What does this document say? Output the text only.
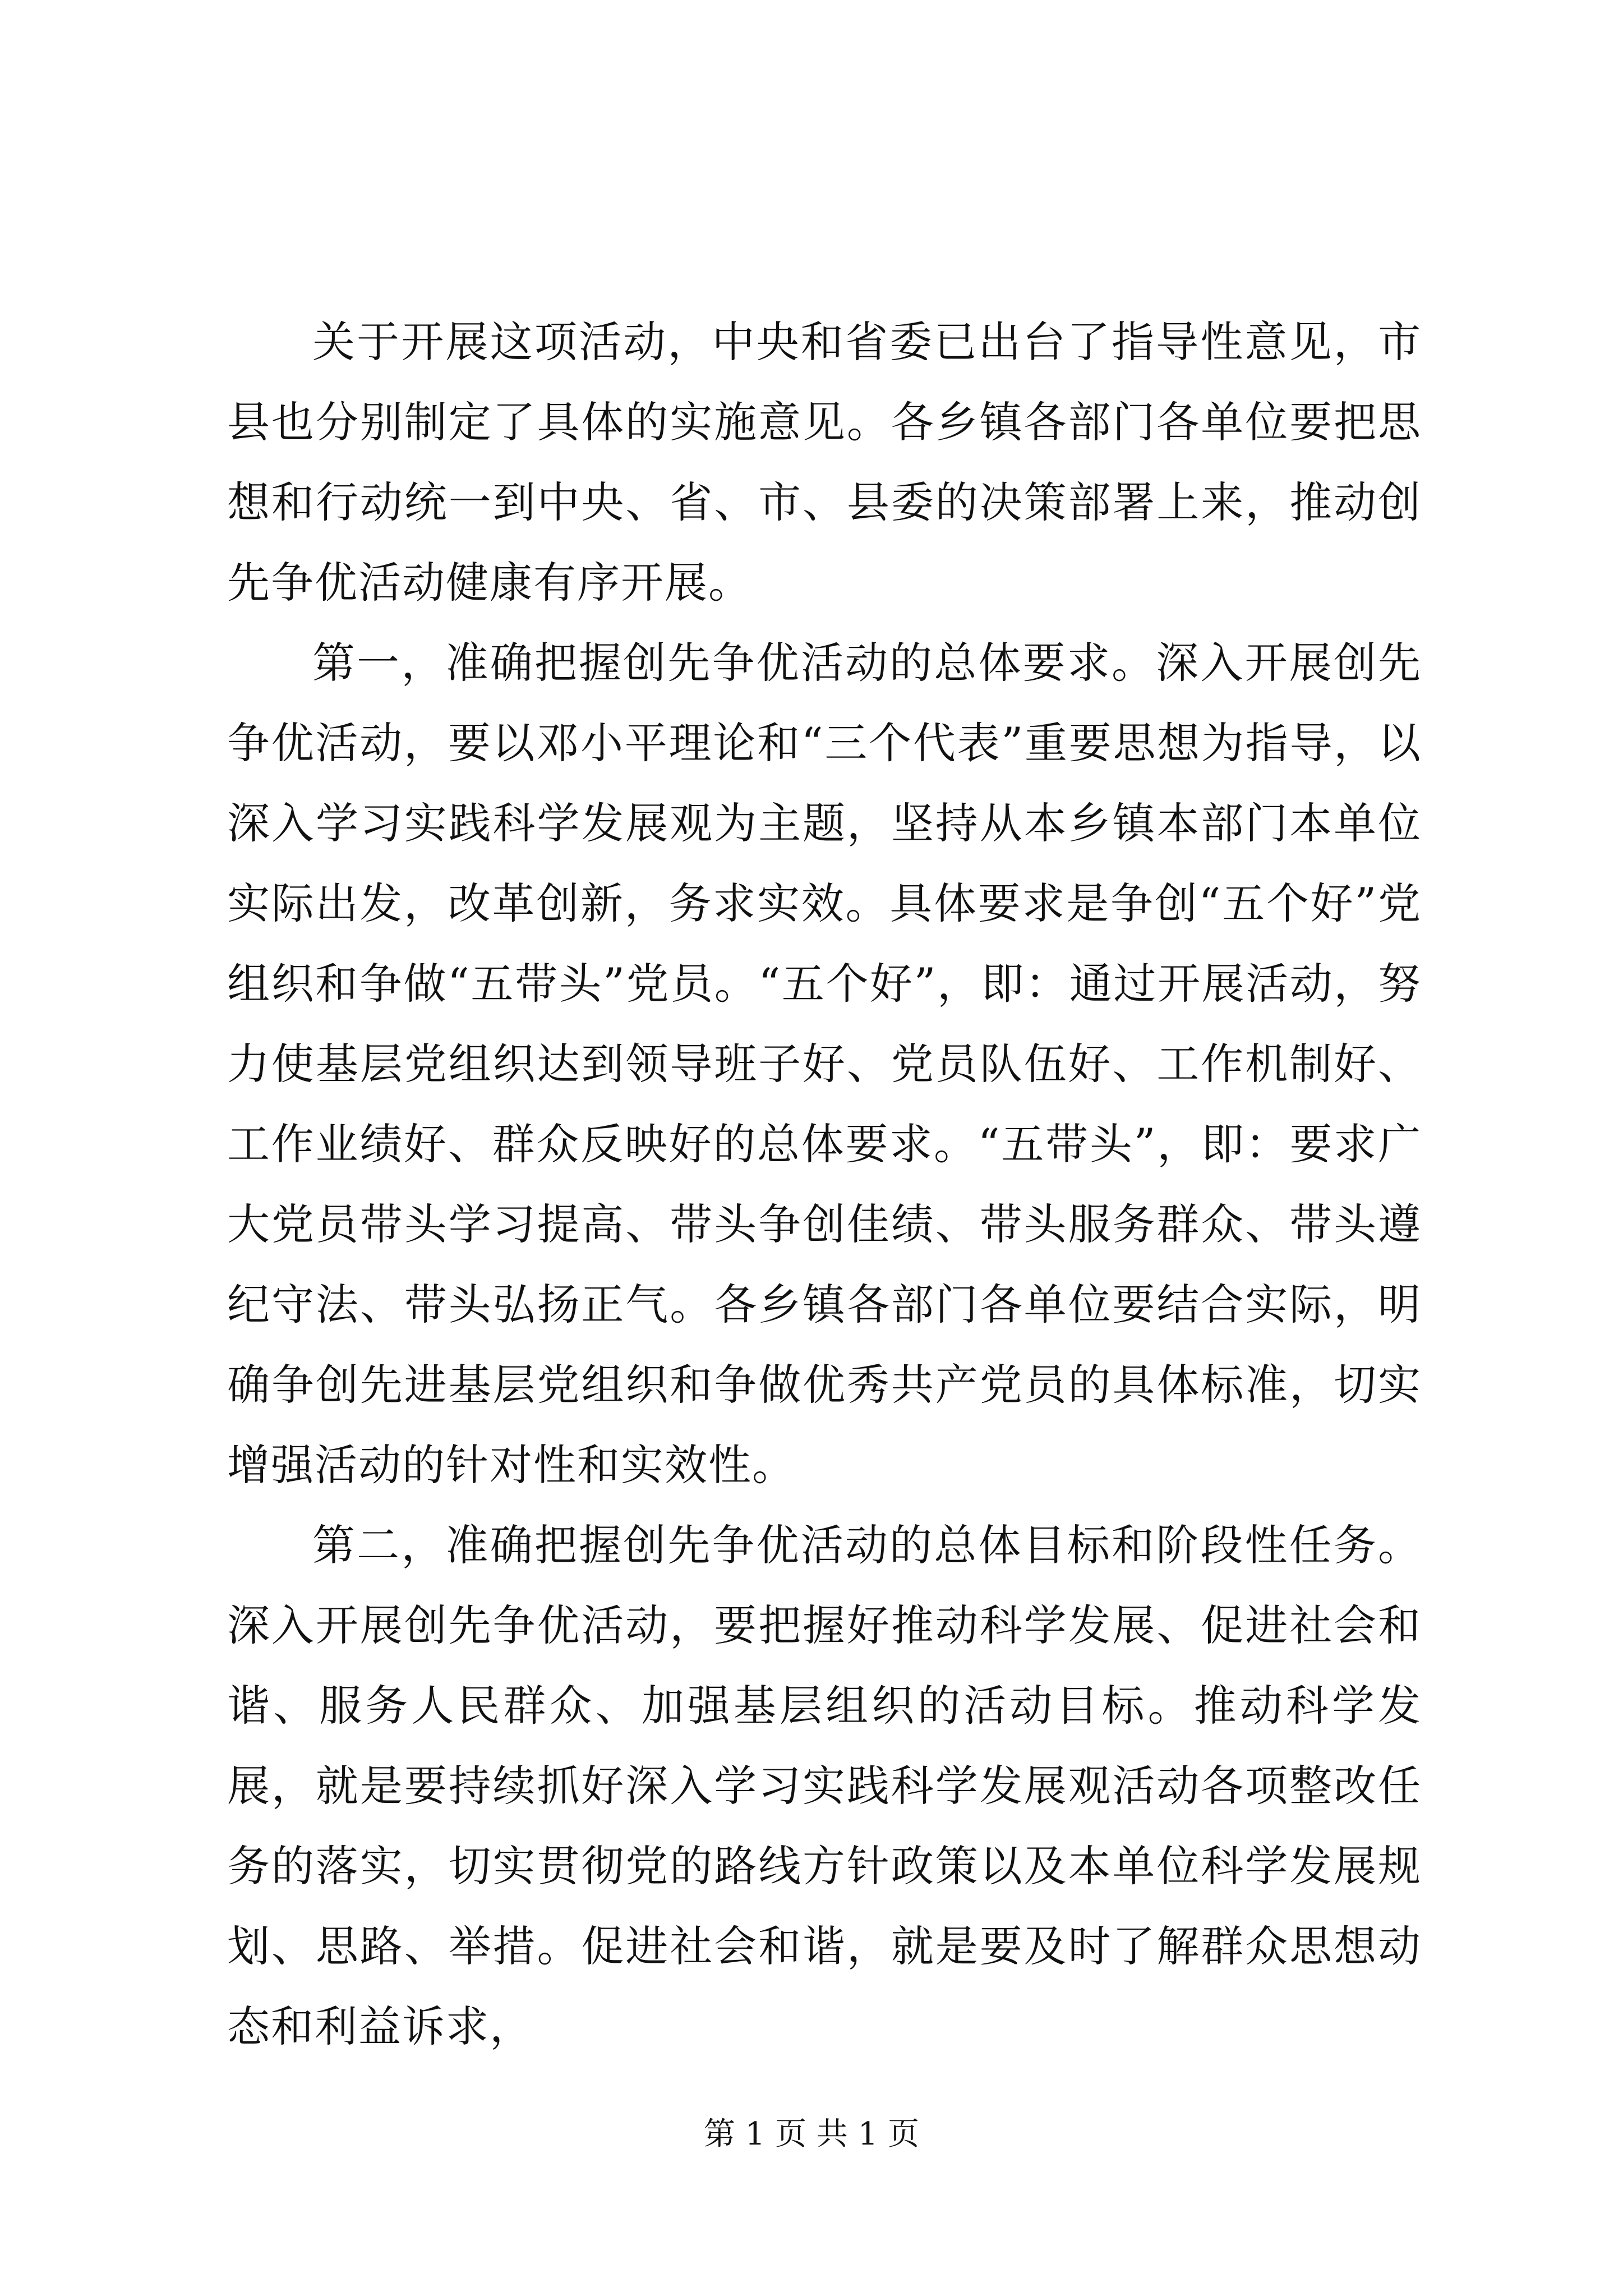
关于开展这项活动，中央和省委已出台了指导性意见，市县也分别制定了具体的实施意见。各乡镇各部门各单位要把思想和行动统一到中央、省、市、县委的决策部署上来，推动创先争优活动健康有序开展。

第一，准确把握创先争优活动的总体要求。深入开展创先争优活动，要以邓小平理论和“三个代表”重要思想为指导，以深入学习实践科学发展观为主题，坚持从本乡镇本部门本单位实际出发，改革创新，务求实效。具体要求是争创“五个好”党组织和争做“五带头”党员。“五个好”，即：通过开展活动，努力使基层党组织达到领导班子好、党员队伍好、工作机制好、工作业绩好、群众反映好的总体要求。“五带头”，即：要求广大党员带头学习提高、带头争创佳绩、带头服务群众、带头遵纪守法、带头弘扬正气。各乡镇各部门各单位要结合实际，明确争创先进基层党组织和争做优秀共产党员的具体标准，切实增强活动的针对性和实效性。

第二，准确把握创先争优活动的总体目标和阶段性任务。深入开展创先争优活动，要把握好推动科学发展、促进社会和谐、服务人民群众、加强基层组织的活动目标。推动科学发展，就是要持续抓好深入学习实践科学发展观活动各项整改任务的落实，切实贯彻党的路线方针政策以及本单位科学发展规划、思路、举措。促进社会和谐，就是要及时了解群众思想动态和利益诉求，

第 1 页 共 1 页
